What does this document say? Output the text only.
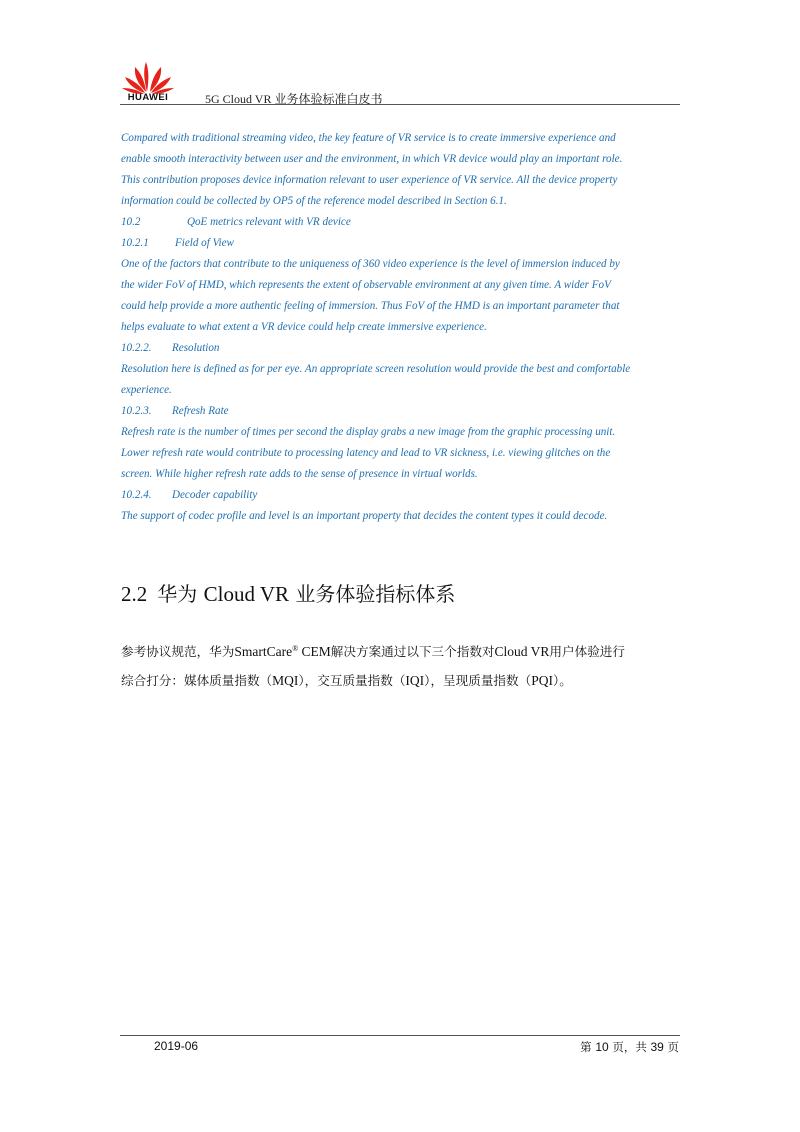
HUAWEI	5G Cloud VR 业务体验标准白皮书

Compared with traditional streaming video, the key feature of VR service is to create immersive experience and

enable smooth interactivity between user and the environment, in which VR device would play an important role.

This contribution proposes device information relevant to user experience of VR service. All the device property

information could be collected by OP5 of the reference model described in Section 6.1.

10.2	QoE metrics relevant with VR device

10.2.1	Field of View

One of the factors that contribute to the uniqueness of 360 video experience is the level of immersion induced by

the wider FoV of HMD, which represents the extent of observable environment at any given time. A wider FoV

could help provide a more authentic feeling of immersion. Thus FoV of the HMD is an important parameter that

helps evaluate to what extent a VR device could help create immersive experience.

10.2.2.	Resolution

Resolution here is defined as for per eye. An appropriate screen resolution would provide the best and comfortable

experience.

10.2.3.	Refresh Rate

Refresh rate is the number of times per second the display grabs a new image from the graphic processing unit.

Lower refresh rate would contribute to processing latency and lead to VR sickness, i.e. viewing glitches on the

screen. While higher refresh rate adds to the sense of presence in virtual worlds.

10.2.4.	Decoder capability

The support of codec profile and level is an important property that decides the content types it could decode.

2.2 华为 Cloud VR 业务体验指标体系

参考协议规范，华为SmartCare® CEM解决方案通过以下三个指数对Cloud VR用户体验进行

综合打分：媒体质量指数（MQI），交互质量指数（IQI），呈现质量指数（PQI）。

2019-06	第 10 页，共 39 页
